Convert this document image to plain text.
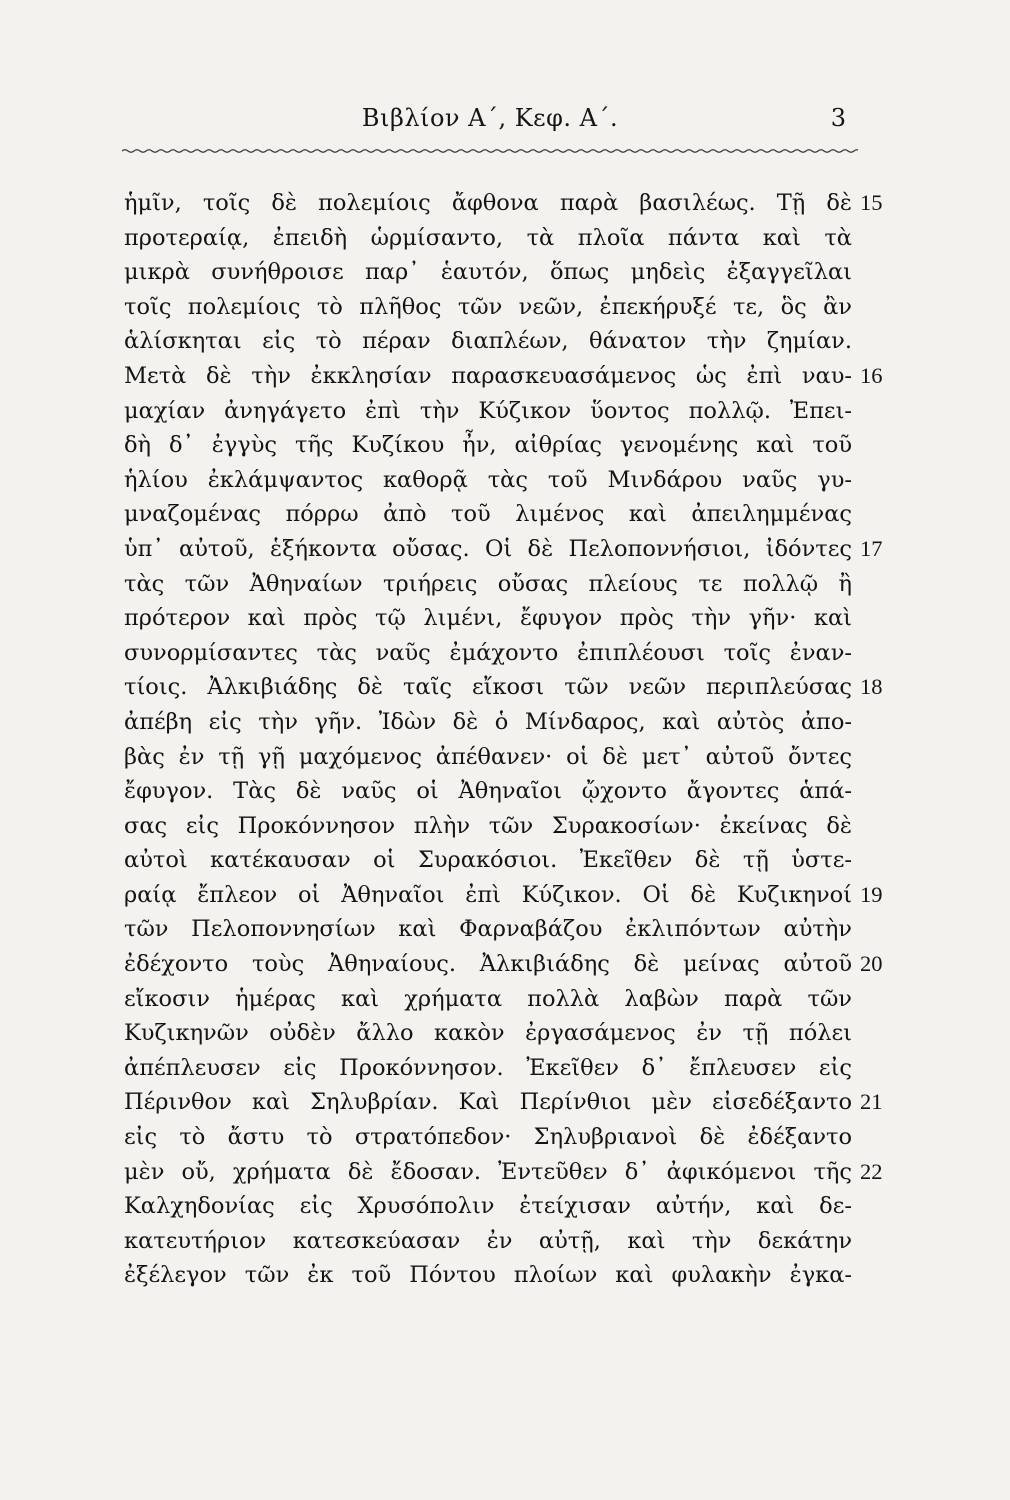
Βιβλίον Α΄, Κεφ. Α΄.	3
ἡμῖν, τοῖς δὲ πολεμίοις ἄφθονα παρὰ βασιλέως. Τῇ δὲ 15
προτεραίᾳ, ἐπειδὴ ὡρμίσαντο, τὰ πλοῖα πάντα καὶ τὰ
μικρὰ συνήθροισε παρ᾽ ἑαυτόν, ὅπως μηδεὶς ἐξαγγεῖλαι
τοῖς πολεμίοις τὸ πλῆθος τῶν νεῶν, ἐπεκήρυξέ τε, ὃς ἂν
ἁλίσκηται εἰς τὸ πέραν διαπλέων, θάνατον τὴν ζημίαν.
Μετὰ δὲ τὴν ἐκκλησίαν παρασκευασάμενος ὡς ἐπὶ ναυ- 16
μαχίαν ἀνηγάγετο ἐπὶ τὴν Κύζικον ὕοντος πολλῷ. Ἐπει-
δὴ δ᾽ ἐγγὺς τῆς Κυζίκου ἦν, αἰθρίας γενομένης καὶ τοῦ
ἡλίου ἐκλάμψαντος καθορᾷ τὰς τοῦ Μινδάρου ναῦς γυ-
μναζομένας πόρρω ἀπὸ τοῦ λιμένος καὶ ἀπειλημμένας
ὑπ᾽ αὐτοῦ, ἑξήκοντα οὔσας. Οἱ δὲ Πελοποννήσιοι, ἰδόντες 17
τὰς τῶν Ἀθηναίων τριήρεις οὔσας πλείους τε πολλῷ ἢ
πρότερον καὶ πρὸς τῷ λιμένι, ἔφυγον πρὸς τὴν γῆν· καὶ
συνορμίσαντες τὰς ναῦς ἐμάχοντο ἐπιπλέουσι τοῖς ἐναν-
τίοις. Ἀλκιβιάδης δὲ ταῖς εἴκοσι τῶν νεῶν περιπλεύσας 18
ἀπέβη εἰς τὴν γῆν. Ἰδὼν δὲ ὁ Μίνδαρος, καὶ αὐτὸς ἀπο-
βὰς ἐν τῇ γῇ μαχόμενος ἀπέθανεν· οἱ δὲ μετ᾽ αὐτοῦ ὄντες
ἔφυγον. Τὰς δὲ ναῦς οἱ Ἀθηναῖοι ᾤχοντο ἄγοντες ἁπά-
σας εἰς Προκόννησον πλὴν τῶν Συρακοσίων· ἐκείνας δὲ
αὐτοὶ κατέκαυσαν οἱ Συρακόσιοι. Ἐκεῖθεν δὲ τῇ ὑστε-
ραίᾳ ἔπλεον οἱ Ἀθηναῖοι ἐπὶ Κύζικον. Οἱ δὲ Κυζικηνοί 19
τῶν Πελοποννησίων καὶ Φαρναβάζου ἐκλιπόντων αὐτὴν
ἐδέχοντο τοὺς Ἀθηναίους. Ἀλκιβιάδης δὲ μείνας αὐτοῦ 20
εἴκοσιν ἡμέρας καὶ χρήματα πολλὰ λαβὼν παρὰ τῶν
Κυζικηνῶν οὐδὲν ἄλλο κακὸν ἐργασάμενος ἐν τῇ πόλει
ἀπέπλευσεν εἰς Προκόννησον. Ἐκεῖθεν δ᾽ ἔπλευσεν εἰς
Πέρινθον καὶ Σηλυβρίαν. Καὶ Περίνθιοι μὲν εἰσεδέξαντο 21
εἰς τὸ ἄστυ τὸ στρατόπεδον· Σηλυβριανοὶ δὲ ἐδέξαντο
μὲν οὔ, χρήματα δὲ ἔδοσαν. Ἐντεῦθεν δ᾽ ἀφικόμενοι τῆς 22
Καλχηδονίας εἰς Χρυσόπολιν ἐτείχισαν αὐτήν, καὶ δε-
κατευτήριον κατεσκεύασαν ἐν αὐτῇ, καὶ τὴν δεκάτην
ἐξέλεγον τῶν ἐκ τοῦ Πόντου πλοίων καὶ φυλακὴν ἐγκα-
